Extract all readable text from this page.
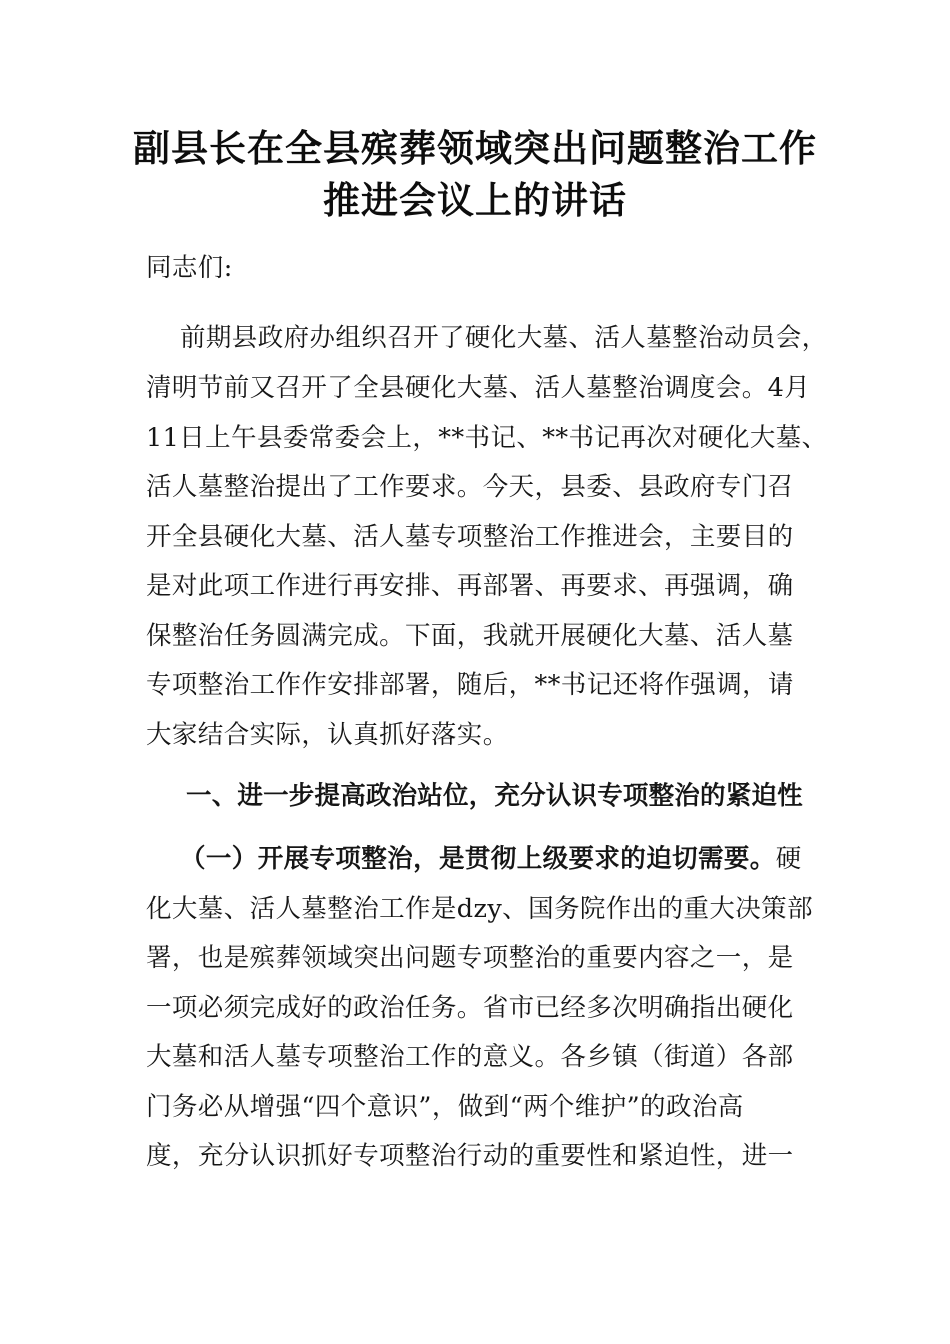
副县长在全县殡葬领域突出问题整治工作
推进会议上的讲话
同志们:
前期县政府办组织召开了硬化大墓、活人墓整治动员会，
清明节前又召开了全县硬化大墓、活人墓整治调度会。4月
11日上午县委常委会上，**书记、**书记再次对硬化大墓、
活人墓整治提出了工作要求。今天，县委、县政府专门召
开全县硬化大墓、活人墓专项整治工作推进会，主要目的
是对此项工作进行再安排、再部署、再要求、再强调，确
保整治任务圆满完成。下面，我就开展硬化大墓、活人墓
专项整治工作作安排部署，随后，**书记还将作强调，请
大家结合实际，认真抓好落实。
一、进一步提高政治站位，充分认识专项整治的紧迫性
（一）开展专项整治，是贯彻上级要求的迫切需要。硬
化大墓、活人墓整治工作是dzy、国务院作出的重大决策部
署，也是殡葬领域突出问题专项整治的重要内容之一，是
一项必须完成好的政治任务。省市已经多次明确指出硬化
大墓和活人墓专项整治工作的意义。各乡镇（街道）各部
门务必从增强“四个意识”，做到“两个维护”的政治高
度，充分认识抓好专项整治行动的重要性和紧迫性，进一
